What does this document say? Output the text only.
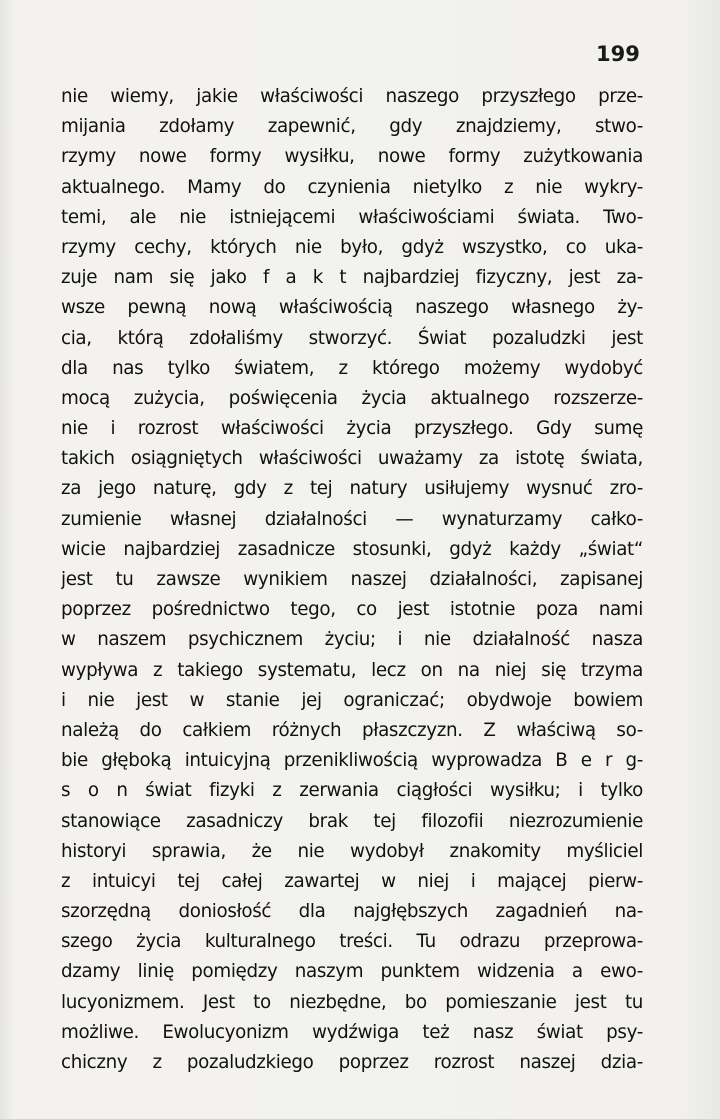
199
nie wiemy, jakie właściwości naszego przyszłego prze-
mijania zdołamy zapewnić, gdy znajdziemy, stwo-
rzymy nowe formy wysiłku, nowe formy zużytkowania
aktualnego. Mamy do czynienia nietylko z nie wykry-
temi, ale nie istniejącemi właściwościami świata. Two-
rzymy cechy, których nie było, gdyż wszystko, co uka-
zuje nam się jako f a k t najbardziej fizyczny, jest za-
wsze pewną nową właściwością naszego własnego ży-
cia, którą zdołaliśmy stworzyć. Świat pozaludzki jest
dla nas tylko światem, z którego możemy wydobyć
mocą zużycia, poświęcenia życia aktualnego rozszerze-
nie i rozrost właściwości życia przyszłego. Gdy sumę
takich osiągniętych właściwości uważamy za istotę świata,
za jego naturę, gdy z tej natury usiłujemy wysnuć zro-
zumienie własnej działalności — wynaturzamy całko-
wicie najbardziej zasadnicze stosunki, gdyż każdy „świat“
jest tu zawsze wynikiem naszej działalności, zapisanej
poprzez pośrednictwo tego, co jest istotnie poza nami
w naszem psychicznem życiu; i nie działalność nasza
wypływa z takiego systematu, lecz on na niej się trzyma
i nie jest w stanie jej ograniczać; obydwoje bowiem
należą do całkiem różnych płaszczyzn. Z właściwą so-
bie głęboką intuicyjną przenikliwością wyprowadza B e r g-
s o n świat fizyki z zerwania ciągłości wysiłku; i tylko
stanowiące zasadniczy brak tej filozofii niezrozumienie
historyi sprawia, że nie wydobył znakomity myśliciel
z intuicyi tej całej zawartej w niej i mającej pierw-
szorzędną doniosłość dla najgłębszych zagadnień na-
szego życia kulturalnego treści. Tu odrazu przeprowa-
dzamy linię pomiędzy naszym punktem widzenia a ewo-
lucyonizmem. Jest to niezbędne, bo pomieszanie jest tu
możliwe. Ewolucyonizm wydźwiga też nasz świat psy-
chiczny z pozaludzkiego poprzez rozrost naszej dzia-
